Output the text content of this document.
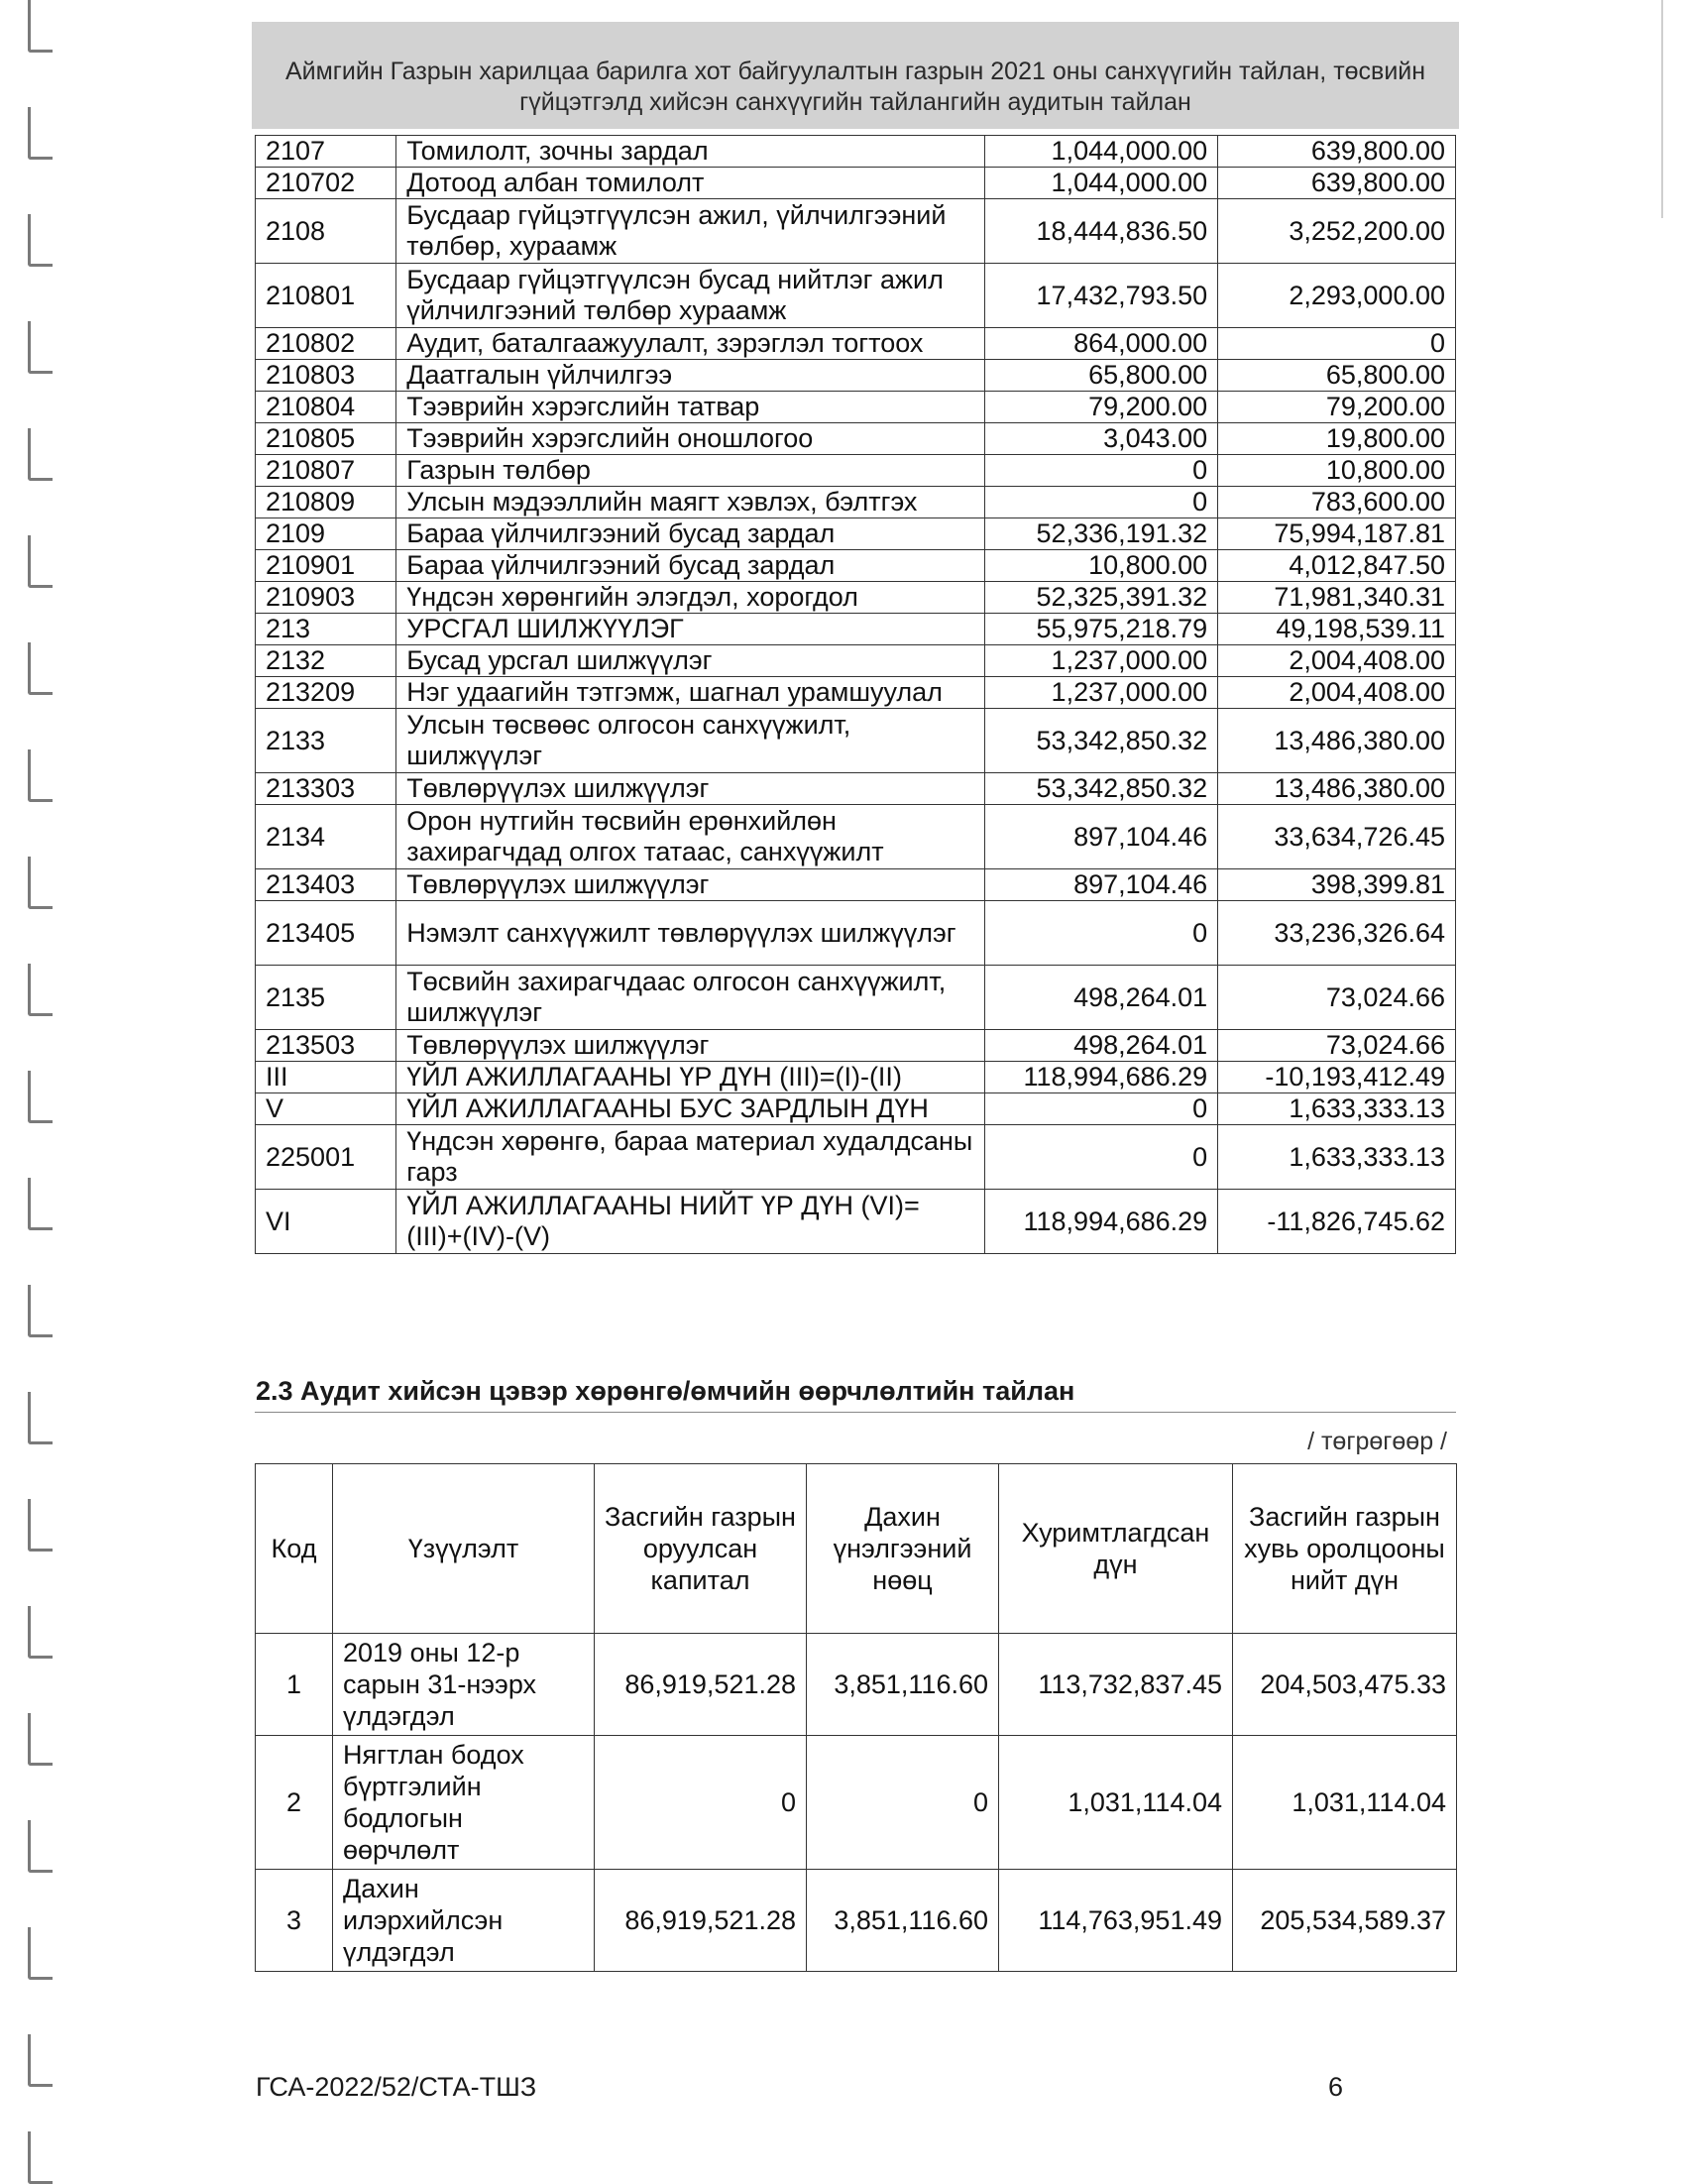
Аймгийн Газрын харилцаа барилга хот байгуулалтын газрын 2021 оны санхүүгийн тайлан, төсвийн гүйцэтгэлд хийсэн санхүүгийн тайлангийн аудитын тайлан
2107	Томилолт, зочны зардал	1,044,000.00	639,800.00
210702	Дотоод албан томилолт	1,044,000.00	639,800.00
2108	Бусдаар гүйцэтгүүлсэн ажил, үйлчилгээний төлбөр, хураамж	18,444,836.50	3,252,200.00
210801	Бусдаар гүйцэтгүүлсэн бусад нийтлэг ажил үйлчилгээний төлбөр хураамж	17,432,793.50	2,293,000.00
210802	Аудит, баталгаажуулалт, зэрэглэл тогтоох	864,000.00	0
210803	Даатгалын үйлчилгээ	65,800.00	65,800.00
210804	Тээврийн хэрэгслийн татвар	79,200.00	79,200.00
210805	Тээврийн хэрэгслийн оношлогоо	3,043.00	19,800.00
210807	Газрын төлбөр	0	10,800.00
210809	Улсын мэдээллийн маягт хэвлэх, бэлтгэх	0	783,600.00
2109	Бараа үйлчилгээний бусад зардал	52,336,191.32	75,994,187.81
210901	Бараа үйлчилгээний бусад зардал	10,800.00	4,012,847.50
210903	Үндсэн хөрөнгийн элэгдэл, хорогдол	52,325,391.32	71,981,340.31
213	УРСГАЛ ШИЛЖҮҮЛЭГ	55,975,218.79	49,198,539.11
2132	Бусад урсгал шилжүүлэг	1,237,000.00	2,004,408.00
213209	Нэг удаагийн тэтгэмж, шагнал урамшуулал	1,237,000.00	2,004,408.00
2133	Улсын төсвөөс олгосон санхүүжилт, шилжүүлэг	53,342,850.32	13,486,380.00
213303	Төвлөрүүлэх шилжүүлэг	53,342,850.32	13,486,380.00
2134	Орон нутгийн төсвийн ерөнхийлөн захирагчдад олгох татаас, санхүүжилт	897,104.46	33,634,726.45
213403	Төвлөрүүлэх шилжүүлэг	897,104.46	398,399.81
213405	Нэмэлт санхүүжилт төвлөрүүлэх шилжүүлэг	0	33,236,326.64
2135	Төсвийн захирагчдаас олгосон санхүүжилт, шилжүүлэг	498,264.01	73,024.66
213503	Төвлөрүүлэх шилжүүлэг	498,264.01	73,024.66
III	ҮЙЛ АЖИЛЛАГААНЫ ҮР ДҮН (III)=(I)-(II)	118,994,686.29	-10,193,412.49
V	ҮЙЛ АЖИЛЛАГААНЫ БУС ЗАРДЛЫН ДҮН	0	1,633,333.13
225001	Үндсэн хөрөнгө, бараа материал худалдсаны гарз	0	1,633,333.13
VI	ҮЙЛ АЖИЛЛАГААНЫ НИЙТ ҮР ДҮН (VI)=(III)+(IV)-(V)	118,994,686.29	-11,826,745.62
2.3 Аудит хийсэн цэвэр хөрөнгө/өмчийн өөрчлөлтийн тайлан
/ төгрөгөөр /
Код	Үзүүлэлт	Засгийн газрын оруулсан капитал	Дахин үнэлгээний нөөц	Хуримтлагдсан дүн	Засгийн газрын хувь оролцооны нийт дүн
1	2019 оны 12-р сарын 31-нээрх үлдэгдэл	86,919,521.28	3,851,116.60	113,732,837.45	204,503,475.33
2	Нягтлан бодох бүртгэлийн бодлогын өөрчлөлт	0	0	1,031,114.04	1,031,114.04
3	Дахин илэрхийлсэн үлдэгдэл	86,919,521.28	3,851,116.60	114,763,951.49	205,534,589.37
ГСА-2022/52/СТА-ТШЗ	6
